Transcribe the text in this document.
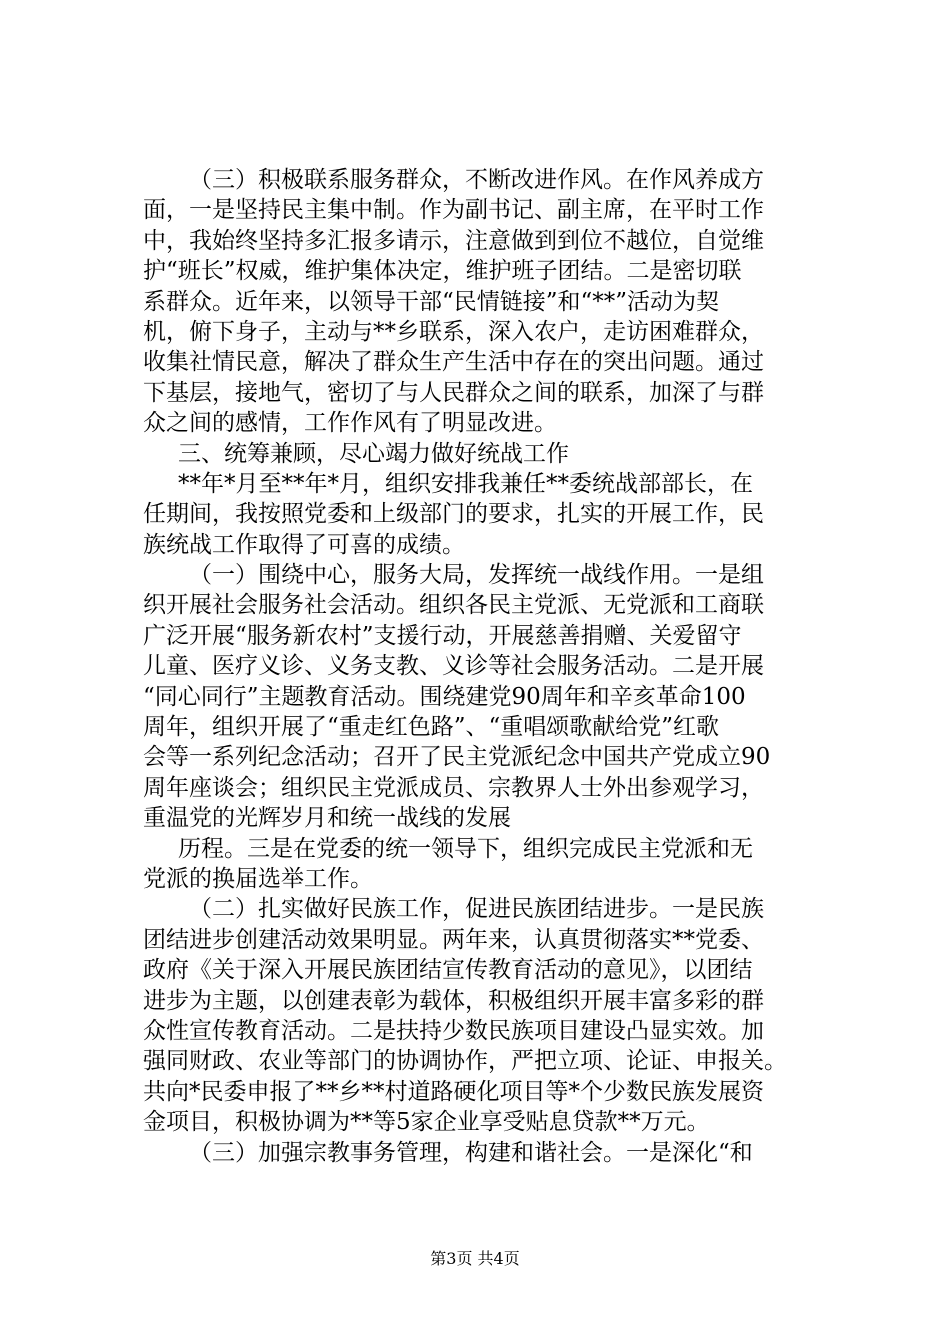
（三）积极联系服务群众，不断改进作风。在作风养成方
面，一是坚持民主集中制。作为副书记、副主席，在平时工作
中，我始终坚持多汇报多请示，注意做到到位不越位，自觉维
护“班长”权威，维护集体决定，维护班子团结。二是密切联
系群众。近年来，以领导干部“民情链接”和“**”活动为契
机，俯下身子，主动与**乡联系，深入农户，走访困难群众，
收集社情民意，解决了群众生产生活中存在的突出问题。通过
下基层，接地气，密切了与人民群众之间的联系，加深了与群
众之间的感情，工作作风有了明显改进。
三、统筹兼顾，尽心竭力做好统战工作
**年*月至**年*月，组织安排我兼任**委统战部部长，在
任期间，我按照党委和上级部门的要求，扎实的开展工作，民
族统战工作取得了可喜的成绩。
（一）围绕中心，服务大局，发挥统一战线作用。一是组
织开展社会服务社会活动。组织各民主党派、无党派和工商联
广泛开展“服务新农村”支援行动，开展慈善捐赠、关爱留守
儿童、医疗义诊、义务支教、义诊等社会服务活动。二是开展
“同心同行”主题教育活动。围绕建党90周年和辛亥革命100
周年，组织开展了“重走红色路”、“重唱颂歌献给党”红歌
会等一系列纪念活动；召开了民主党派纪念中国共产党成立90
周年座谈会；组织民主党派成员、宗教界人士外出参观学习，
重温党的光辉岁月和统一战线的发展
历程。三是在党委的统一领导下，组织完成民主党派和无
党派的换届选举工作。
（二）扎实做好民族工作，促进民族团结进步。一是民族
团结进步创建活动效果明显。两年来，认真贯彻落实**党委、
政府《关于深入开展民族团结宣传教育活动的意见》，以团结
进步为主题，以创建表彰为载体，积极组织开展丰富多彩的群
众性宣传教育活动。二是扶持少数民族项目建设凸显实效。加
强同财政、农业等部门的协调协作，严把立项、论证、申报关。
共向*民委申报了**乡**村道路硬化项目等*个少数民族发展资
金项目，积极协调为**等5家企业享受贴息贷款**万元。
（三）加强宗教事务管理，构建和谐社会。一是深化“和
第3页 共4页
